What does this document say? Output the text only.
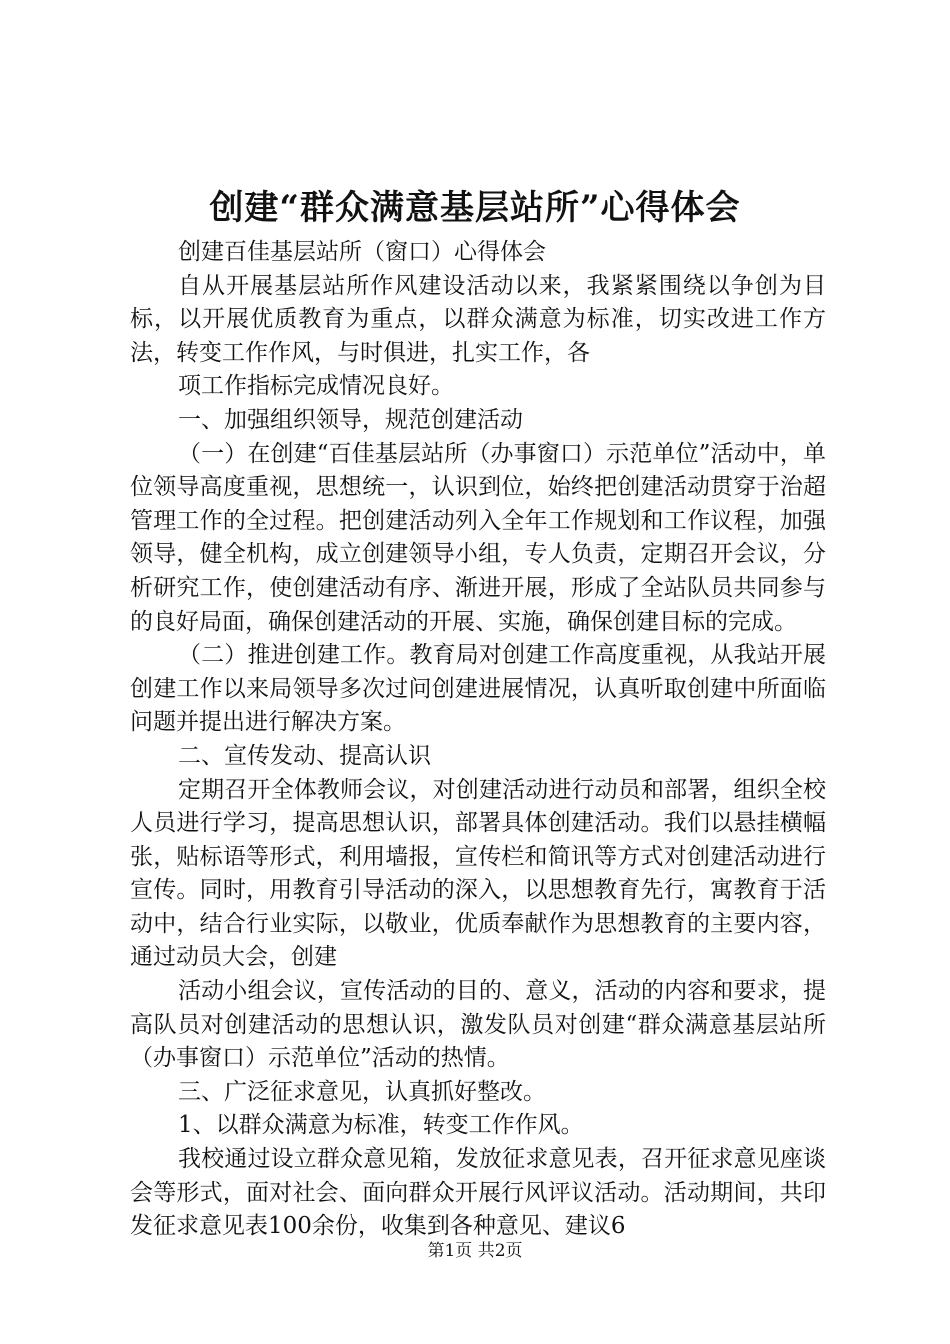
创建“群众满意基层站所”心得体会

创建百佳基层站所（窗口）心得体会

自从开展基层站所作风建设活动以来，我紧紧围绕以争创为目标，以开展优质教育为重点，以群众满意为标准，切实改进工作方法，转变工作作风，与时俱进，扎实工作，各

项工作指标完成情况良好。

一、加强组织领导，规范创建活动

（一）在创建“百佳基层站所（办事窗口）示范单位”活动中，单位领导高度重视，思想统一，认识到位，始终把创建活动贯穿于治超管理工作的全过程。把创建活动列入全年工作规划和工作议程，加强领导，健全机构，成立创建领导小组，专人负责，定期召开会议，分析研究工作，使创建活动有序、渐进开展，形成了全站队员共同参与的良好局面，确保创建活动的开展、实施，确保创建目标的完成。

（二）推进创建工作。教育局对创建工作高度重视，从我站开展创建工作以来局领导多次过问创建进展情况，认真听取创建中所面临问题并提出进行解决方案。

二、宣传发动、提高认识

定期召开全体教师会议，对创建活动进行动员和部署，组织全校人员进行学习，提高思想认识，部署具体创建活动。我们以悬挂横幅张，贴标语等形式，利用墙报，宣传栏和简讯等方式对创建活动进行宣传。同时，用教育引导活动的深入，以思想教育先行，寓教育于活动中，结合行业实际，以敬业，优质奉献作为思想教育的主要内容，通过动员大会，创建

活动小组会议，宣传活动的目的、意义，活动的内容和要求，提高队员对创建活动的思想认识，激发队员对创建“群众满意基层站所（办事窗口）示范单位”活动的热情。

三、广泛征求意见，认真抓好整改。

1、以群众满意为标准，转变工作作风。

我校通过设立群众意见箱，发放征求意见表，召开征求意见座谈会等形式，面对社会、面向群众开展行风评议活动。活动期间，共印发征求意见表100余份，收集到各种意见、建议6

第1页 共2页
